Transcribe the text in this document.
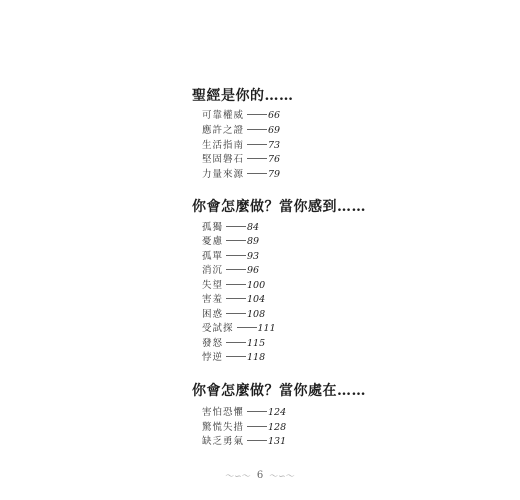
聖經是你的……
可靠權威	66
應許之證	69
生活指南	73
堅固磐石	76
力量來源	79
你會怎麼做？當你感到……
孤獨	84
憂慮	89
孤單	93
消沉	96
失望	100
害羞	104
困惑	108
受試探	111
發怒	115
悖逆	118
你會怎麼做？當你處在……
害怕恐懼	124
驚慌失措	128
缺乏勇氣	131
～∽～ 6 ～∽～
